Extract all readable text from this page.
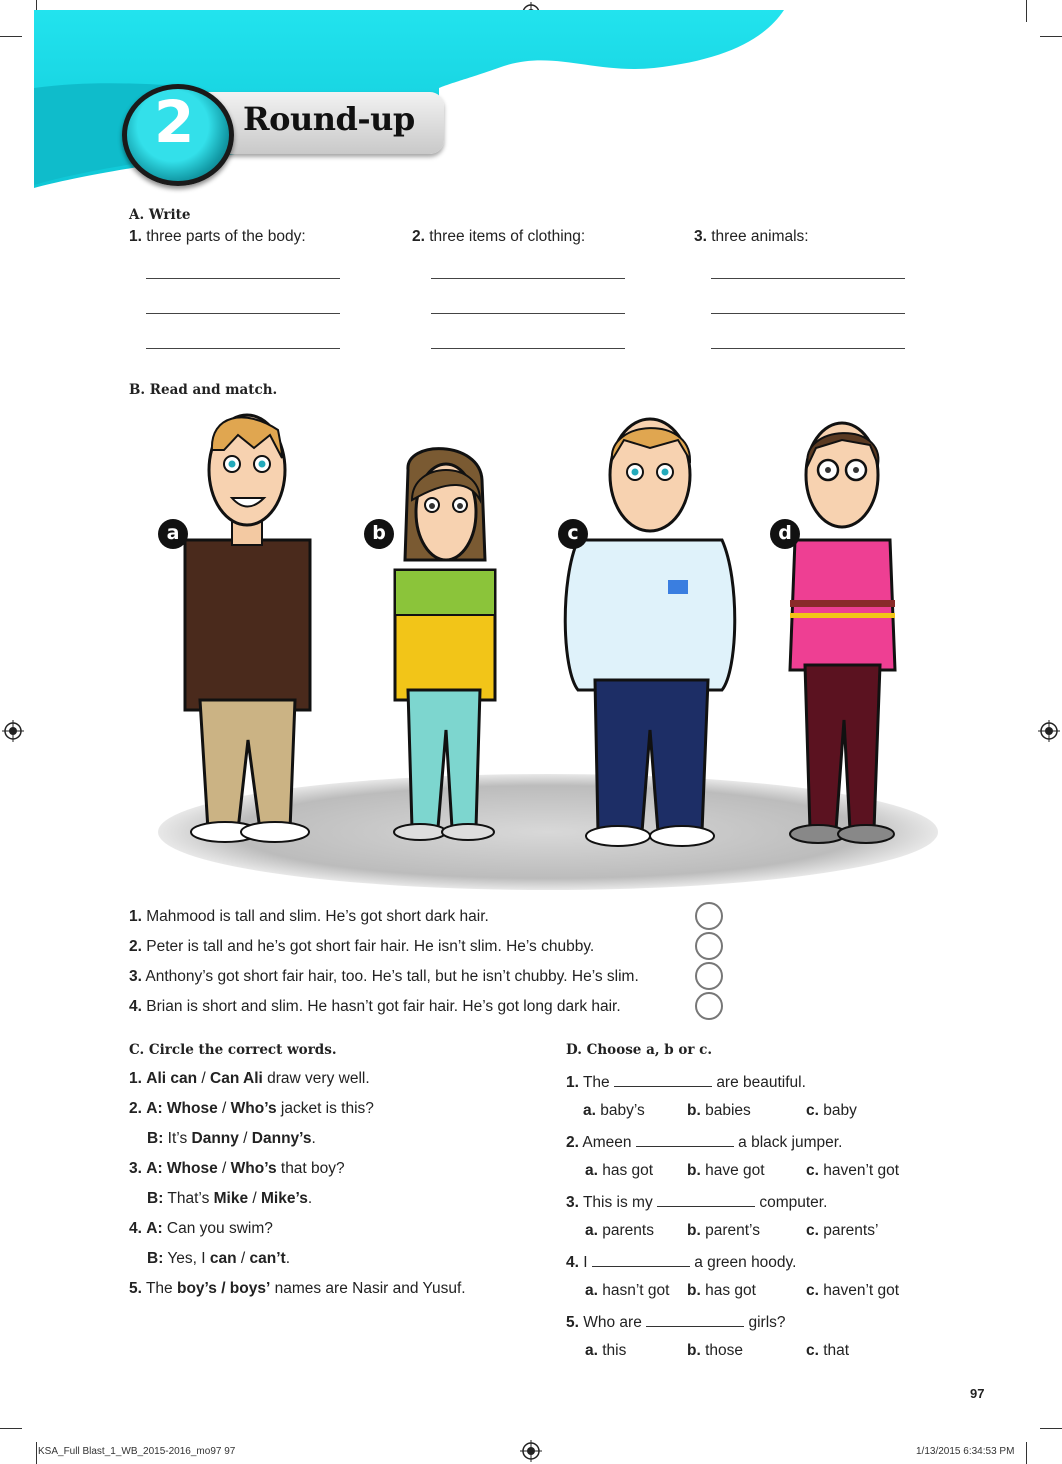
2 Round-up
A. Write
1. three parts of the body:	2. three items of clothing:	3. three animals:
B. Read and match.
a	b	c	d
1. Mahmood is tall and slim. He’s got short dark hair.
2. Peter is tall and he’s got short fair hair. He isn’t slim. He’s chubby.
3. Anthony’s got short fair hair, too. He’s tall, but he isn’t chubby. He’s slim.
4. Brian is short and slim. He hasn’t got fair hair. He’s got long dark hair.
C. Circle the correct words.
1. Ali can / Can Ali draw very well.
2. A: Whose / Who’s jacket is this?
B: It’s Danny / Danny’s.
3. A: Whose / Who’s that boy?
B: That’s Mike / Mike’s.
4. A: Can you swim?
B: Yes, I can / can’t.
5. The boy’s / boys’ names are Nasir and Yusuf.
D. Choose a, b or c.
1. The	are beautiful.
a. baby’s	b. babies	c. baby
2. Ameen	a black jumper.
a. has got b. have got	c. haven’t got
3. This is my	computer.
a. parents b. parent’s	c. parents’
4. I	a green hoody.
a. hasn’t got b. has got	c. haven’t got
5. Who are	girls?
a. this	b. those	c. that
97
KSA_Full Blast_1_WB_2015-2016_mo97 97	1/13/2015 6:34:53 PM
